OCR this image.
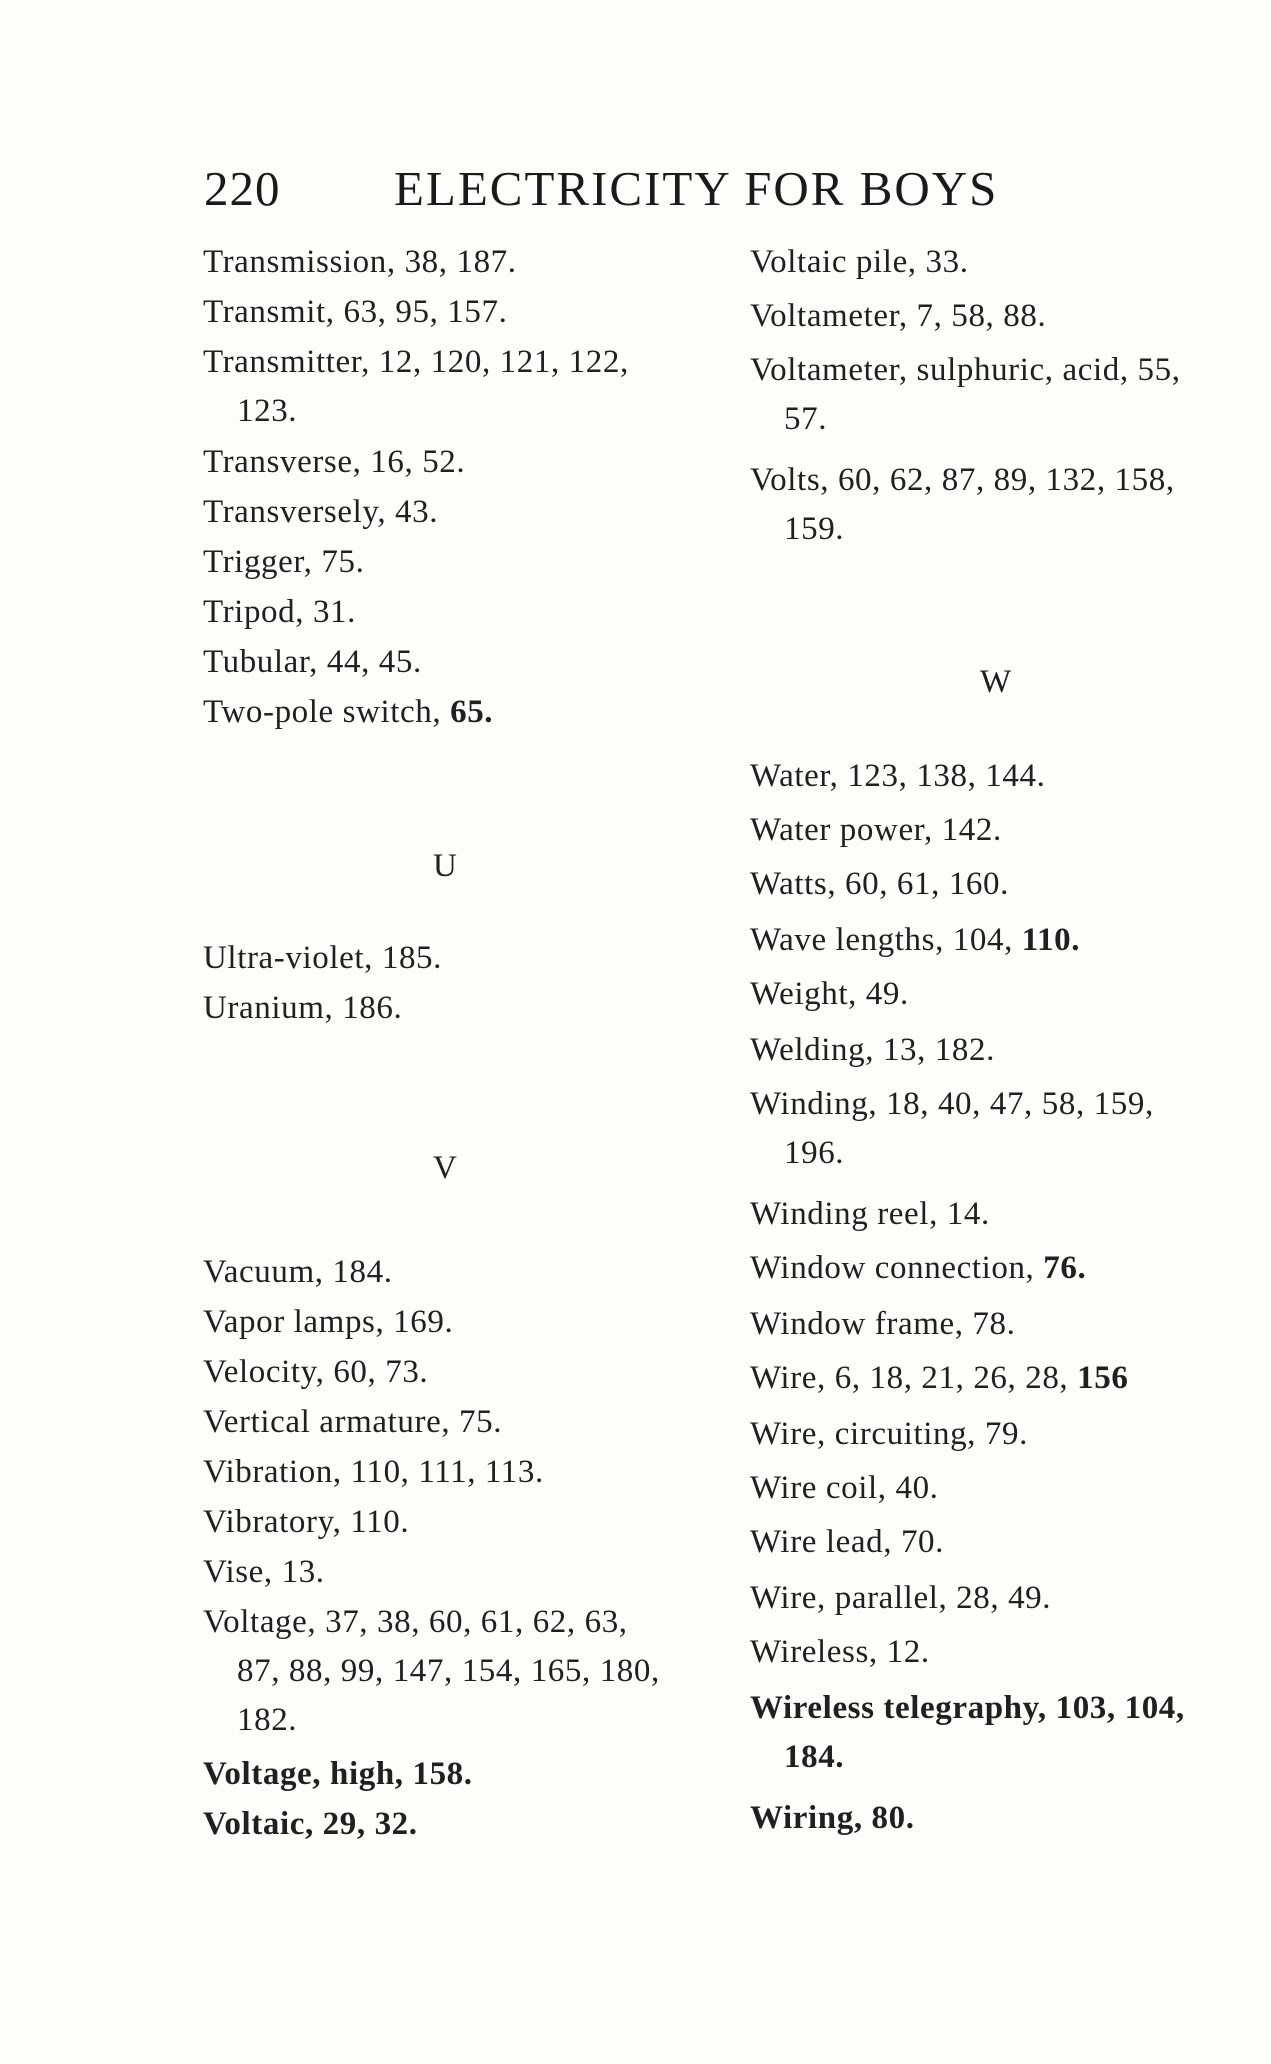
220 ELECTRICITY FOR BOYS
Transmission, 38, 187.
Transmit, 63, 95, 157.
Transmitter, 12, 120, 121, 122,
123.
Transverse, 16, 52.
Transversely, 43.
Trigger, 75.
Tripod, 31.
Tubular, 44, 45.
Two-pole switch, 65.
U
Ultra-violet, 185.
Uranium, 186.
V
Vacuum, 184.
Vapor lamps, 169.
Velocity, 60, 73.
Vertical armature, 75.
Vibration, 110, 111, 113.
Vibratory, 110.
Vise, 13.
Voltage, 37, 38, 60, 61, 62, 63,
87, 88, 99, 147, 154, 165, 180,
182.
Voltage, high, 158.
Voltaic, 29, 32.
Voltaic pile, 33.
Voltameter, 7, 58, 88.
Voltameter, sulphuric, acid, 55,
57.
Volts, 60, 62, 87, 89, 132, 158,
159.
W
Water, 123, 138, 144.
Water power, 142.
Watts, 60, 61, 160.
Wave lengths, 104, 110.
Weight, 49.
Welding, 13, 182.
Winding, 18, 40, 47, 58, 159,
196.
Winding reel, 14.
Window connection, 76.
Window frame, 78.
Wire, 6, 18, 21, 26, 28, 156
Wire, circuiting, 79.
Wire coil, 40.
Wire lead, 70.
Wire, parallel, 28, 49.
Wireless, 12.
Wireless telegraphy, 103, 104,
184.
Wiring, 80.
